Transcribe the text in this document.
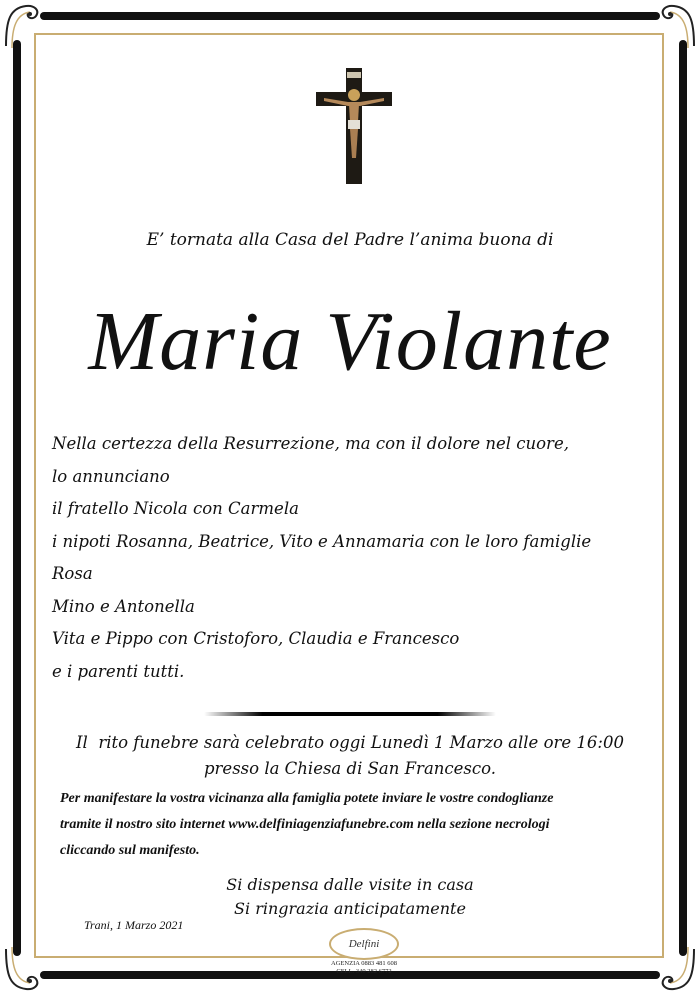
E’ tornata alla Casa del Padre l’anima buona di
Maria Violante
Nella certezza della Resurrezione, ma con il dolore nel cuore,
lo annunciano
il fratello Nicola con Carmela
i nipoti Rosanna, Beatrice, Vito e Annamaria con le loro famiglie
Rosa
Mino e Antonella
Vita e Pippo con Cristoforo, Claudia e Francesco
e i parenti tutti.
Il  rito funebre sarà celebrato oggi Lunedì 1 Marzo alle ore 16:00
presso la Chiesa di San Francesco.
Per manifestare la vostra vicinanza alla famiglia potete inviare le vostre condoglianze
tramite il nostro sito internet www.delfiniagenziafunebre.com nella sezione necrologi
cliccando sul manifesto.
Si dispensa dalle visite in casa
Si ringrazia anticipatamente
Trani, 1 Marzo 2021
Delfini
AGENZIA 0883 481 608
CELL. 340 282 6772
